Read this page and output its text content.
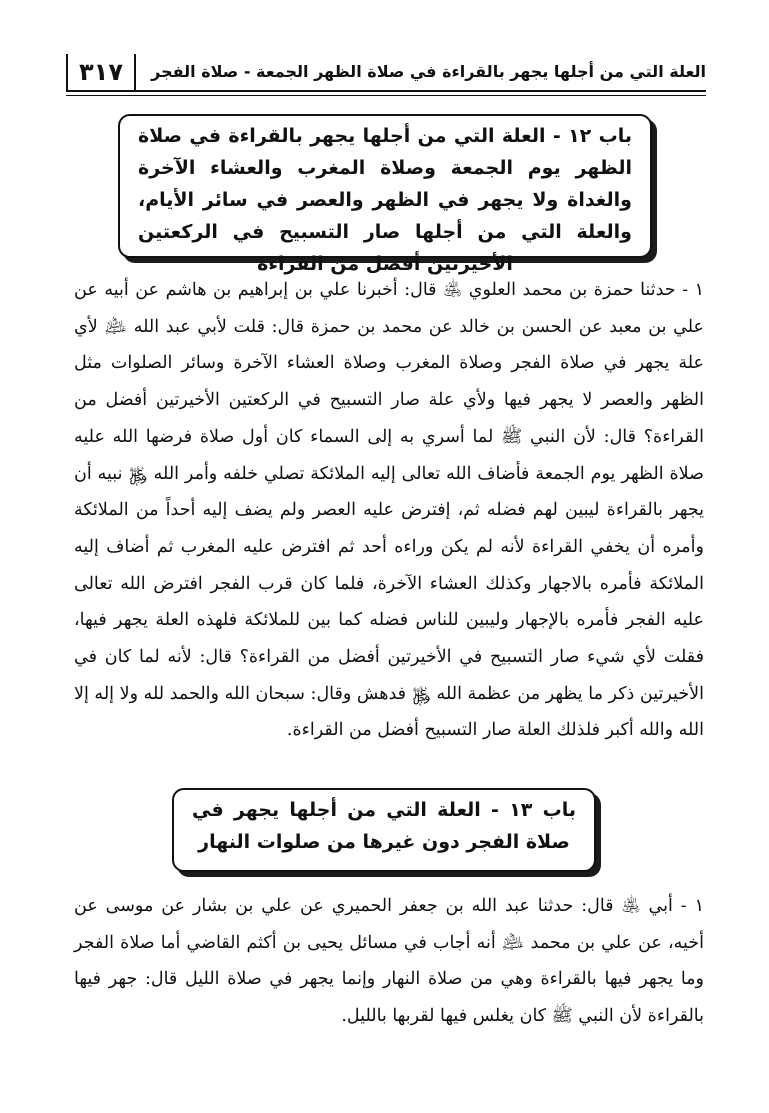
٣١٧	العلة التي من أجلها يجهر بالقراءة في صلاة الظهر الجمعة - صلاة الفجر
باب ١٢ - العلة التي من أجلها يجهر بالقراءة في صلاة الظهر يوم الجمعة وصلاة المغرب والعشاء الآخرة والغداة ولا يجهر في الظهر والعصر في سائر الأيام، والعلة التي من أجلها صار التسبيح في الركعتين الأخيرتين أفضل من القراءة
١ - حدثنا حمزة بن محمد العلوي ﵁ قال: أخبرنا علي بن إبراهيم بن هاشم عن أبيه عن علي بن معبد عن الحسن بن خالد عن محمد بن حمزة قال: قلت لأبي عبد الله ﵇ لأي علة يجهر في صلاة الفجر وصلاة المغرب وصلاة العشاء الآخرة وسائر الصلوات مثل الظهر والعصر لا يجهر فيها ولأي علة صار التسبيح في الركعتين الأخيرتين أفضل من القراءة؟ قال: لأن النبي ﷺ لما أسري به إلى السماء كان أول صلاة فرضها الله عليه صلاة الظهر يوم الجمعة فأضاف الله تعالى إليه الملائكة تصلي خلفه وأمر الله ﷿ نبيه أن يجهر بالقراءة ليبين لهم فضله ثم، إفترض عليه العصر ولم يضف إليه أحداً من الملائكة وأمره أن يخفي القراءة لأنه لم يكن وراءه أحد ثم افترض عليه المغرب ثم أضاف إليه الملائكة فأمره بالاجهار وكذلك العشاء الآخرة، فلما كان قرب الفجر افترض الله تعالى عليه الفجر فأمره بالإجهار وليبين للناس فضله كما بين للملائكة فلهذه العلة يجهر فيها، فقلت لأي شيء صار التسبيح في الأخيرتين أفضل من القراءة؟ قال: لأنه لما كان في الأخيرتين ذكر ما يظهر من عظمة الله ﷿ فدهش وقال: سبحان الله والحمد لله ولا إله إلا الله والله أكبر فلذلك العلة صار التسبيح أفضل من القراءة.
باب ١٣ - العلة التي من أجلها يجهر في صلاة الفجر دون غيرها من صلوات النهار
١ - أبي ﵁ قال: حدثنا عبد الله بن جعفر الحميري عن علي بن بشار عن موسى عن أخيه، عن علي بن محمد ﵇ أنه أجاب في مسائل يحيى بن أكثم القاضي أما صلاة الفجر وما يجهر فيها بالقراءة وهي من صلاة النهار وإنما يجهر في صلاة الليل قال: جهر فيها بالقراءة لأن النبي ﷺ كان يغلس فيها لقربها بالليل.
